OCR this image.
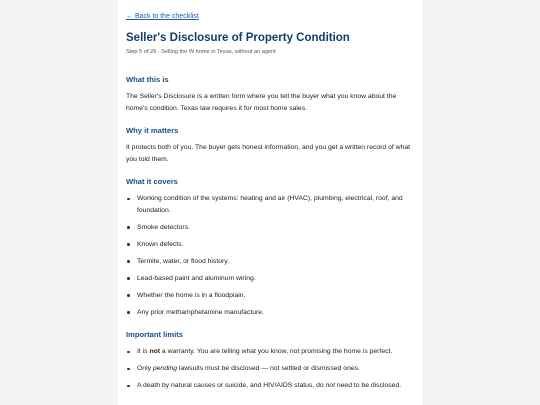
← Back to the checklist
Seller's Disclosure of Property Condition
Step 5 of 29 · Selling the W home in Texas, without an agent
What this is

The Seller's Disclosure is a written form where you tell the buyer what you know about the home's condition. Texas law requires it for most home sales.

Why it matters

It protects both of you. The buyer gets honest information, and you get a written record of what you told them.

What it covers
Working condition of the systems: heating and air (HVAC), plumbing, electrical, roof, and foundation.
Smoke detectors.
Known defects.
Termite, water, or flood history.
Lead-based paint and aluminum wiring.
Whether the home is in a floodplain.
Any prior methamphetamine manufacture.
Important limits
It is not a warranty. You are telling what you know, not promising the home is perfect.
Only pending lawsuits must be disclosed — not settled or dismissed ones.
A death by natural causes or suicide, and HIV/AIDS status, do not need to be disclosed.
